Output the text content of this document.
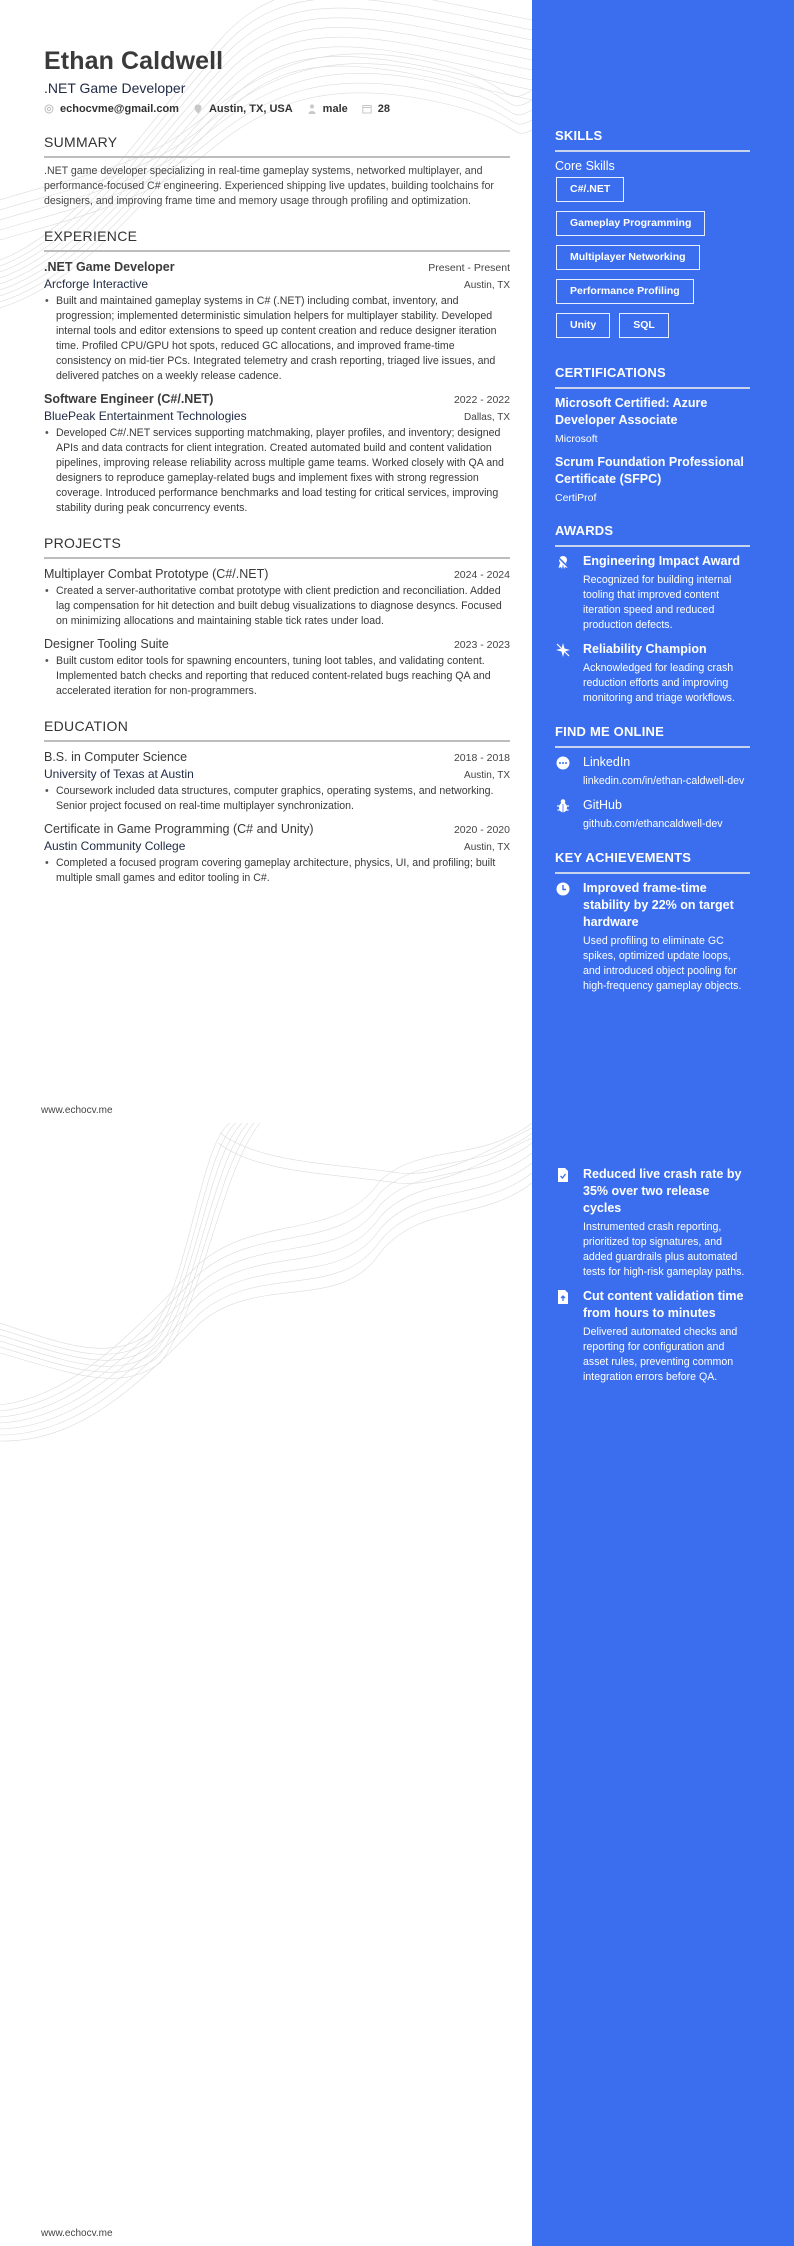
Ethan Caldwell
.NET Game Developer
echocvme@gmail.com	Austin, TX, USA	male	28
SUMMARY
.NET game developer specializing in real-time gameplay systems, networked multiplayer, and performance-focused C# engineering. Experienced shipping live updates, building toolchains for designers, and improving frame time and memory usage through profiling and optimization.
EXPERIENCE
.NET Game Developer	Present - Present
Arcforge Interactive	Austin, TX
• Built and maintained gameplay systems in C# (.NET) including combat, inventory, and progression; implemented deterministic simulation helpers for multiplayer stability. Developed internal tools and editor extensions to speed up content creation and reduce designer iteration time. Profiled CPU/GPU hot spots, reduced GC allocations, and improved frame-time consistency on mid-tier PCs. Integrated telemetry and crash reporting, triaged live issues, and delivered patches on a weekly release cadence.
Software Engineer (C#/.NET)	2022 - 2022
BluePeak Entertainment Technologies	Dallas, TX
• Developed C#/.NET services supporting matchmaking, player profiles, and inventory; designed APIs and data contracts for client integration. Created automated build and content validation pipelines, improving release reliability across multiple game teams. Worked closely with QA and designers to reproduce gameplay-related bugs and implement fixes with strong regression coverage. Introduced performance benchmarks and load testing for critical services, improving stability during peak concurrency events.
PROJECTS
Multiplayer Combat Prototype (C#/.NET)	2024 - 2024
• Created a server-authoritative combat prototype with client prediction and reconciliation. Added lag compensation for hit detection and built debug visualizations to diagnose desyncs. Focused on minimizing allocations and maintaining stable tick rates under load.
Designer Tooling Suite	2023 - 2023
• Built custom editor tools for spawning encounters, tuning loot tables, and validating content. Implemented batch checks and reporting that reduced content-related bugs reaching QA and accelerated iteration for non-programmers.
EDUCATION
B.S. in Computer Science	2018 - 2018
University of Texas at Austin	Austin, TX
• Coursework included data structures, computer graphics, operating systems, and networking. Senior project focused on real-time multiplayer synchronization.
Certificate in Game Programming (C# and Unity)	2020 - 2020
Austin Community College	Austin, TX
• Completed a focused program covering gameplay architecture, physics, UI, and profiling; built multiple small games and editor tooling in C#.
SKILLS
Core Skills
C#/.NET
Gameplay Programming
Multiplayer Networking
Performance Profiling
Unity	SQL
CERTIFICATIONS
Microsoft Certified: Azure Developer Associate
Microsoft
Scrum Foundation Professional Certificate (SFPC)
CertiProf
AWARDS
Engineering Impact Award
Recognized for building internal tooling that improved content iteration speed and reduced production defects.
Reliability Champion
Acknowledged for leading crash reduction efforts and improving monitoring and triage workflows.
FIND ME ONLINE
LinkedIn
linkedin.com/in/ethan-caldwell-dev
GitHub
github.com/ethancaldwell-dev
KEY ACHIEVEMENTS
Improved frame-time stability by 22% on target hardware
Used profiling to eliminate GC spikes, optimized update loops, and introduced object pooling for high-frequency gameplay objects.
www.echocv.me
Reduced live crash rate by 35% over two release cycles
Instrumented crash reporting, prioritized top signatures, and added guardrails plus automated tests for high-risk gameplay paths.
Cut content validation time from hours to minutes
Delivered automated checks and reporting for configuration and asset rules, preventing common integration errors before QA.
www.echocv.me
